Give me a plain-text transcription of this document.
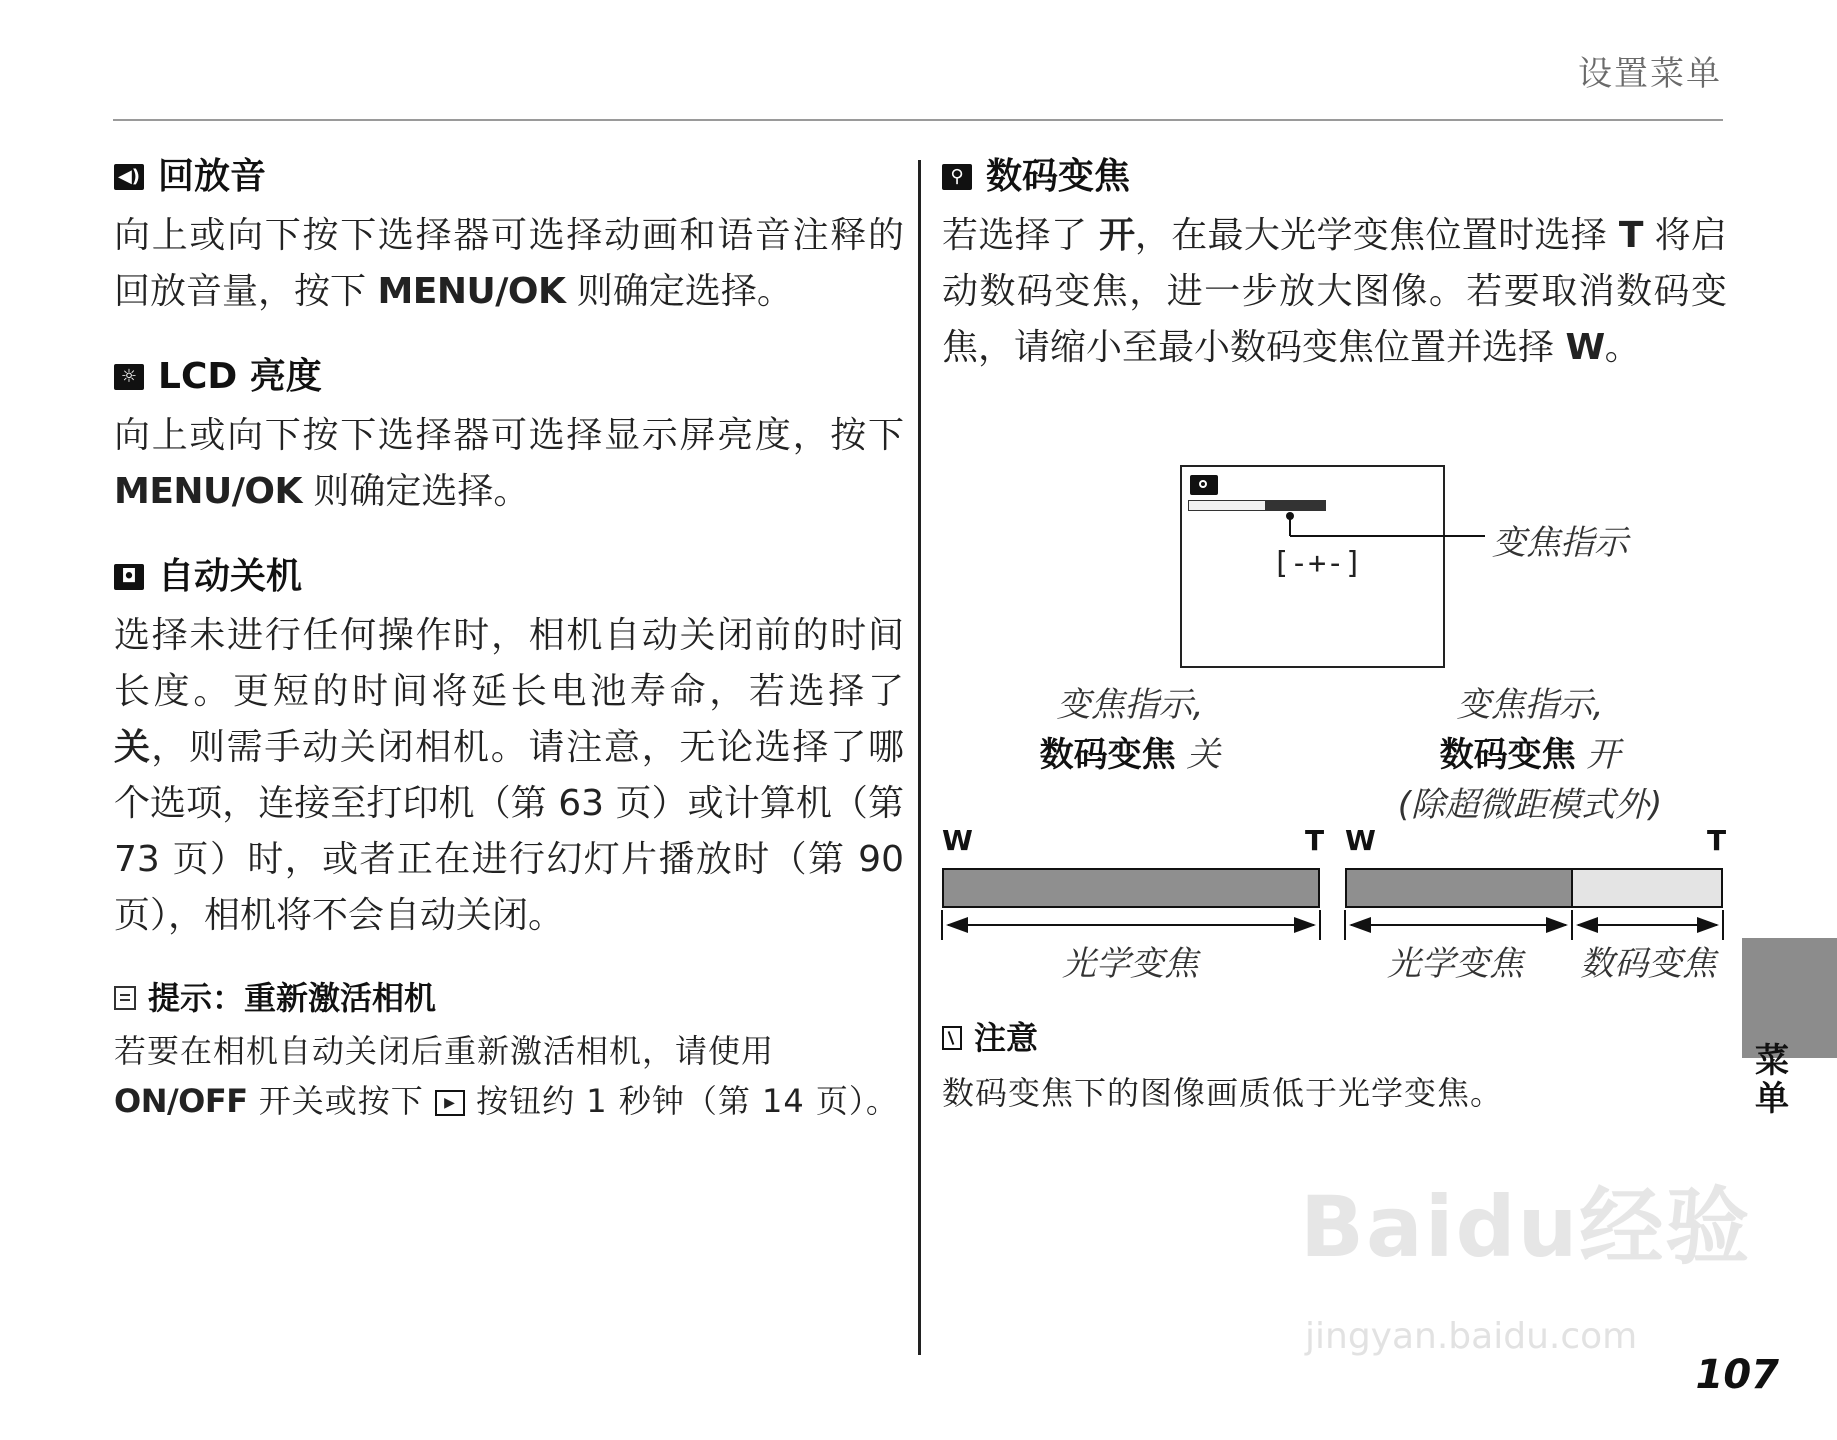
设置菜单
◀) 回放音

向上或向下按下选择器可选择动画和语音注释的回放音量，按下 MENU/OK 则确定选择。

☼ LCD 亮度

向上或向下按下选择器可选择显示屏亮度，按下 MENU/OK 则确定选择。

◘ 自动关机

选择未进行任何操作时，相机自动关闭前的时间长度。更短的时间将延长电池寿命，若选择了 关，则需手动关闭相机。请注意，无论选择了哪个选项，连接至打印机（第 63 页）或计算机（第 73 页）时，或者正在进行幻灯片播放时（第 90 页），相机将不会自动关闭。

提示：重新激活相机

若要在相机自动关闭后重新激活相机，请使用 ON/OFF 开关或按下 ▶ 按钮约 1 秒钟（第 14 页）。

⚲ 数码变焦

若选择了 开，在最大光学变焦位置时选择 T 将启动数码变焦，进一步放大图像。若要取消数码变焦，请缩小至最小数码变焦位置并选择 W。

[-+-]
变焦指示
变焦指示,
数码变焦 关
变焦指示,
数码变焦 开
(除超微距模式外)
W	T W	T
光学变焦	光学变焦	数码变焦
注意

数码变焦下的图像画质低于光学变焦。

菜单
107
Baidu经验
jingyan.baidu.com
